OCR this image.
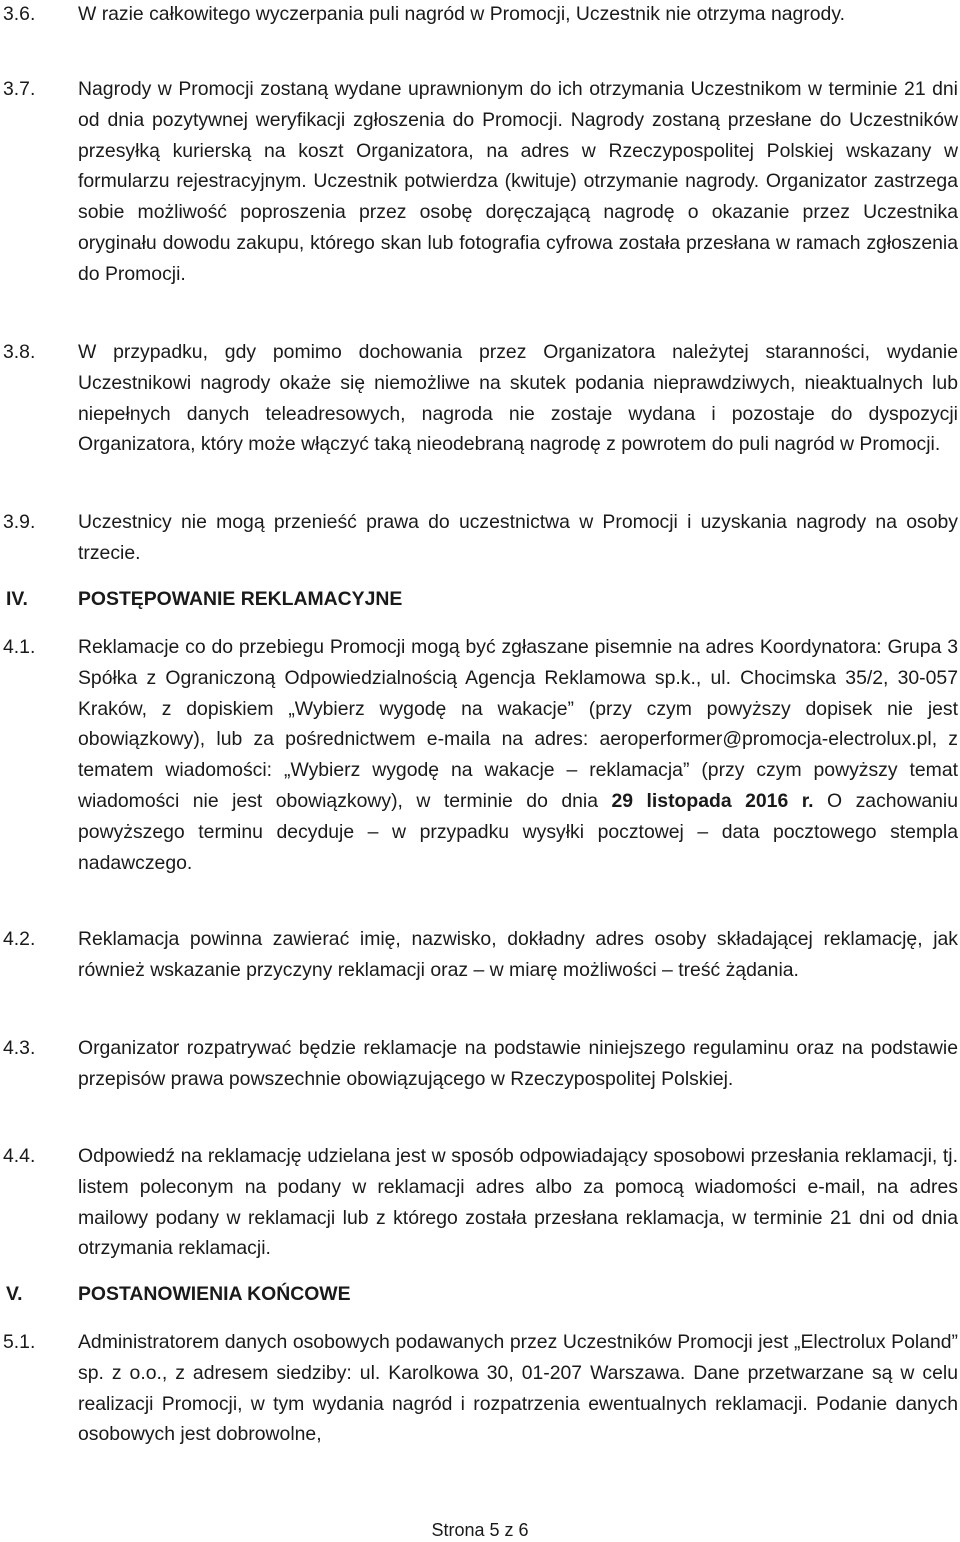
3.6.	W razie całkowitego wyczerpania puli nagród w Promocji, Uczestnik nie otrzyma nagrody.
3.7.	Nagrody w Promocji zostaną wydane uprawnionym do ich otrzymania Uczestnikom w terminie 21 dni od dnia pozytywnej weryfikacji zgłoszenia do Promocji. Nagrody zostaną przesłane do Uczestników przesyłką kurierską na koszt Organizatora, na adres w Rzeczypospolitej Polskiej wskazany w formularzu rejestracyjnym. Uczestnik potwierdza (kwituje) otrzymanie nagrody. Organizator zastrzega sobie możliwość poproszenia przez osobę doręczającą nagrodę o okazanie przez Uczestnika oryginału dowodu zakupu, którego skan lub fotografia cyfrowa została przesłana w ramach zgłoszenia do Promocji.
3.8.	W przypadku, gdy pomimo dochowania przez Organizatora należytej staranności, wydanie Uczestnikowi nagrody okaże się niemożliwe na skutek podania nieprawdziwych, nieaktualnych lub niepełnych danych teleadresowych, nagroda nie zostaje wydana i pozostaje do dyspozycji Organizatora, który może włączyć taką nieodebraną nagrodę z powrotem do puli nagród w Promocji.
3.9.	Uczestnicy nie mogą przenieść prawa do uczestnictwa w Promocji i uzyskania nagrody na osoby trzecie.
IV.	POSTĘPOWANIE REKLAMACYJNE
4.1.	Reklamacje co do przebiegu Promocji mogą być zgłaszane pisemnie na adres Koordynatora: Grupa 3 Spółka z Ograniczoną Odpowiedzialnością Agencja Reklamowa sp.k., ul. Chocimska 35/2, 30-057 Kraków, z dopiskiem „Wybierz wygodę na wakacje” (przy czym powyższy dopisek nie jest obowiązkowy), lub za pośrednictwem e-maila na adres: aeroperformer@promocja-electrolux.pl, z tematem wiadomości: „Wybierz wygodę na wakacje – reklamacja” (przy czym powyższy temat wiadomości nie jest obowiązkowy), w terminie do dnia 29 listopada 2016 r. O zachowaniu powyższego terminu decyduje – w przypadku wysyłki pocztowej – data pocztowego stempla nadawczego.
4.2.	Reklamacja powinna zawierać imię, nazwisko, dokładny adres osoby składającej reklamację, jak również wskazanie przyczyny reklamacji oraz – w miarę możliwości – treść żądania.
4.3.	Organizator rozpatrywać będzie reklamacje na podstawie niniejszego regulaminu oraz na podstawie przepisów prawa powszechnie obowiązującego w Rzeczypospolitej Polskiej.
4.4.	Odpowiedź na reklamację udzielana jest w sposób odpowiadający sposobowi przesłania reklamacji, tj. listem poleconym na podany w reklamacji adres albo za pomocą wiadomości e-mail, na adres mailowy podany w reklamacji lub z którego została przesłana reklamacja, w terminie 21 dni od dnia otrzymania reklamacji.
V.	POSTANOWIENIA KOŃCOWE
5.1.	Administratorem danych osobowych podawanych przez Uczestników Promocji jest „Electrolux Poland” sp. z o.o., z adresem siedziby: ul. Karolkowa 30, 01-207 Warszawa. Dane przetwarzane są w celu realizacji Promocji, w tym wydania nagród i rozpatrzenia ewentualnych reklamacji. Podanie danych osobowych jest dobrowolne,
Strona 5 z 6
